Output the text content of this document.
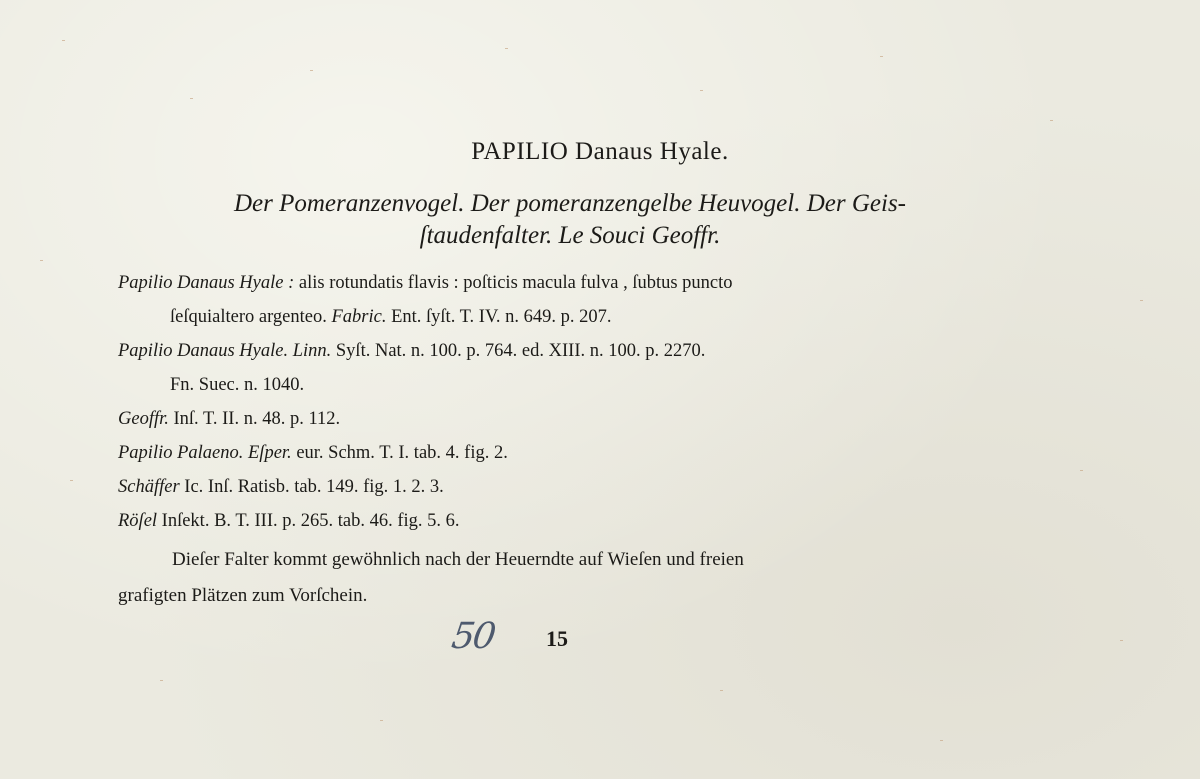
PAPILIO Danaus Hyale.
Der Pomeranzenvogel. Der pomeranzengelbe Heuvogel. Der Geis-
ſtaudenfalter. Le Souci Geoffr.
Papilio Danaus Hyale : alis rotundatis flavis : poſticis macula fulva , ſubtus puncto
ſeſquialtero argenteo. Fabric. Ent. ſyſt. T. IV. n. 649. p. 207.
Papilio Danaus Hyale. Linn. Syſt. Nat. n. 100. p. 764. ed. XIII. n. 100. p. 2270.
Fn. Suec. n. 1040.
Geoffr. Inſ. T. II. n. 48. p. 112.
Papilio Palaeno. Eſper. eur. Schm. T. I. tab. 4. fig. 2.
Schäffer Ic. Inſ. Ratisb. tab. 149. fig. 1. 2. 3.
Röſel Inſekt. B. T. III. p. 265. tab. 46. fig. 5. 6.
Dieſer Falter kommt gewöhnlich nach der Heuerndte auf Wieſen und freien
grafigten Plätzen zum Vorſchein.
50 15
